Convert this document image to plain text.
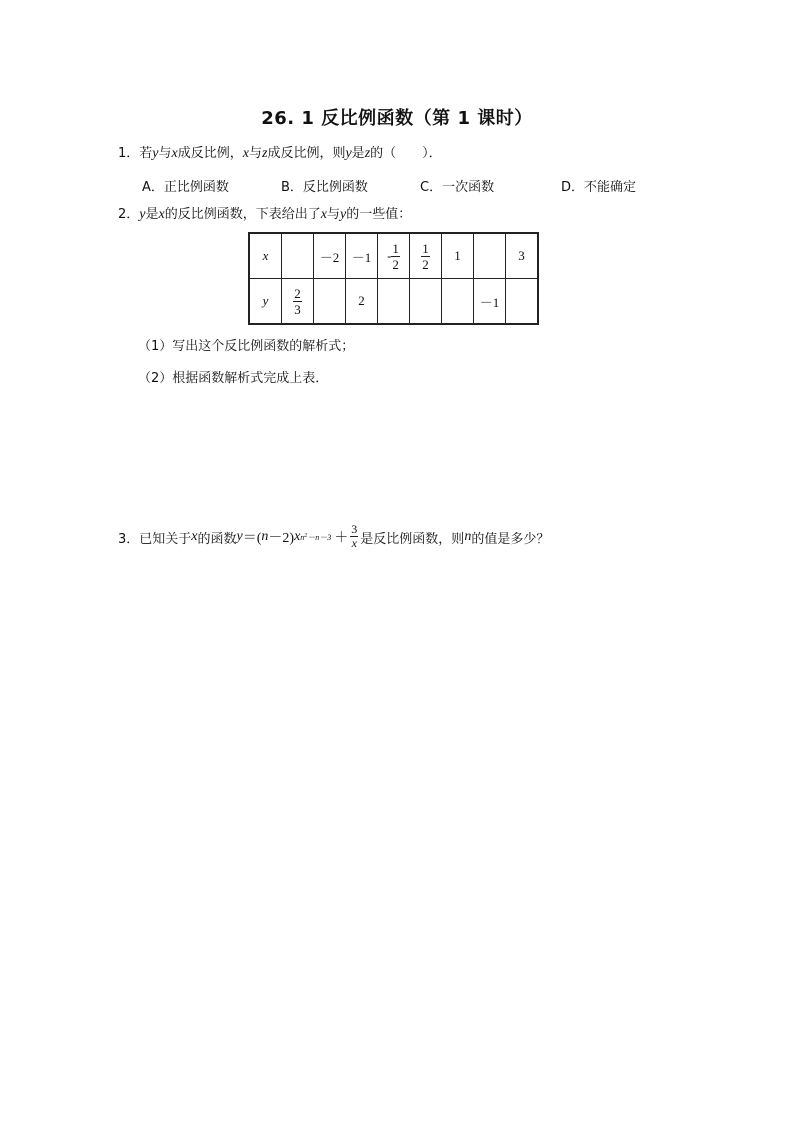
26. 1 反比例函数（第 1 课时）
1．若y与x成反比例，x与z成反比例，则y是z的（　　）．
A．正比例函数	B．反比例函数	C．一次函数	D．不能确定
2．y是x的反比例函数，下表给出了x与y的一些值：
x		－2	－1	- $\frac{1}{2}$	$\frac{1}{2}$	1		3
y	$\frac{2}{3}$		2				－1	
（1）写出这个反比例函数的解析式；
（2）根据函数解析式完成上表．
3．已知关于 x 的函数 y ＝( n －2) x $n^2-n-3 + \frac{3}{x}$ 是反比例函数，则 n 的值是多少？
